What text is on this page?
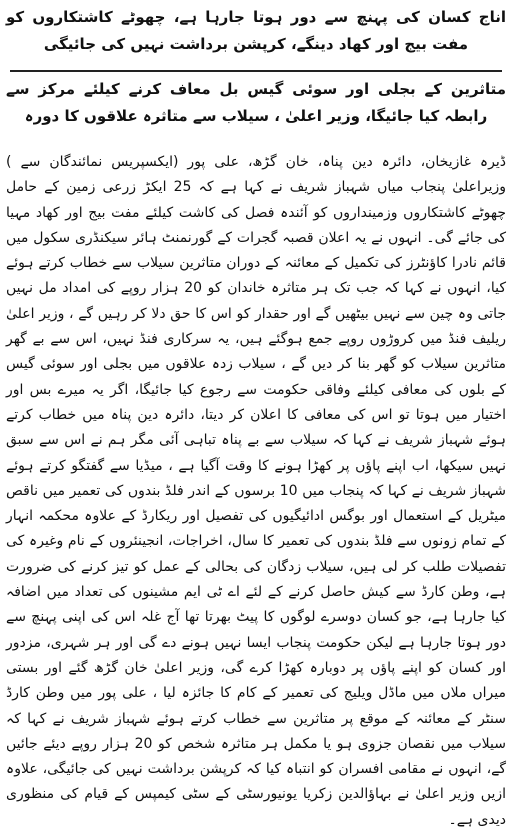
اناج کسان کی پہنچ سے دور ہوتا جارہا ہے، چھوٹے کاشتکاروں کو مفت بیج اور کھاد دینگے، کرپشن برداشت نہیں کی جائیگی

متاثرین کے بجلی اور سوئی گیس بل معاف کرنے کیلئے مرکز سے رابطہ کیا جائیگا، وزیر اعلیٰ ، سیلاب سے متاثرہ علاقوں کا دورہ

ڈیرہ غازیخان، دائرہ دین پناہ، خان گڑھ، علی پور (ایکسپریس نمائندگان سے ) وزیراعلیٰ پنجاب میاں شہباز شریف نے کہا ہے کہ 25 ایکڑ زرعی زمین کے حامل چھوٹے کاشتکاروں وزمینداروں کو آئندہ فصل کی کاشت کیلئے مفت بیج اور کھاد مہیا کی جائے گی۔ انہوں نے یہ اعلان قصبہ گجرات کے گورنمنٹ ہائر سیکنڈری سکول میں قائم نادرا کاؤنٹرز کی تکمیل کے معائنہ کے دوران متاثرین سیلاب سے خطاب کرتے ہوئے کیا، انہوں نے کہا کہ جب تک ہر متاثرہ خاندان کو 20 ہزار روپے کی امداد مل نہیں جاتی وہ چین سے نہیں بیٹھیں گے اور حقدار کو اس کا حق دلا کر رہیں گے ، وزیر اعلیٰ ریلیف فنڈ میں کروڑوں روپے جمع ہوگئے ہیں، یہ سرکاری فنڈ نہیں، اس سے بے گھر متاثرین سیلاب کو گھر بنا کر دیں گے ، سیلاب زدہ علاقوں میں بجلی اور سوئی گیس کے بلوں کی معافی کیلئے وفاقی حکومت سے رجوع کیا جائیگا، اگر یہ میرے بس اور اختیار میں ہوتا تو اس کی معافی کا اعلان کر دیتا، دائرہ دین پناہ میں خطاب کرتے ہوئے شہباز شریف نے کہا کہ سیلاب سے بے پناہ تباہی آئی مگر ہم نے اس سے سبق نہیں سیکھا، اب اپنے پاؤں پر کھڑا ہونے کا وقت آگیا ہے ، میڈیا سے گفتگو کرتے ہوئے شہباز شریف نے کہا کہ پنجاب میں 10 برسوں کے اندر فلڈ بندوں کی تعمیر میں ناقص میٹریل کے استعمال اور بوگس ادائیگیوں کی تفصیل اور ریکارڈ کے علاوہ محکمہ انہار کے تمام زونوں سے فلڈ بندوں کی تعمیر کا سال، اخراجات، انجینئروں کے نام وغیرہ کی تفصیلات طلب کر لی ہیں، سیلاب زدگان کی بحالی کے عمل کو تیز کرنے کی ضرورت ہے، وطن کارڈ سے کیش حاصل کرنے کے لئے اے ٹی ایم مشینوں کی تعداد میں اضافہ کیا جارہا ہے، جو کسان دوسرے لوگوں کا پیٹ بھرتا تھا آج غلہ اس کی اپنی پہنچ سے دور ہوتا جارہا ہے لیکن حکومت پنجاب ایسا نہیں ہونے دے گی اور ہر شہری، مزدور اور کسان کو اپنے پاؤں پر دوبارہ کھڑا کرے گی، وزیر اعلیٰ خان گڑھ گئے اور بستی میراں ملاں میں ماڈل ویلیج کی تعمیر کے کام کا جائزہ لیا ، علی پور میں وطن کارڈ سنٹر کے معائنہ کے موقع پر متاثرین سے خطاب کرتے ہوئے شہباز شریف نے کہا کہ سیلاب میں نقصان جزوی ہو یا مکمل ہر متاثرہ شخص کو 20 ہزار روپے دیئے جائیں گے، انہوں نے مقامی افسران کو انتباہ کیا کہ کرپشن برداشت نہیں کی جائیگی، علاوہ ازیں وزیر اعلیٰ نے بہاؤالدین زکریا یونیورسٹی کے سٹی کیمپس کے قیام کی منظوری دیدی ہے۔
